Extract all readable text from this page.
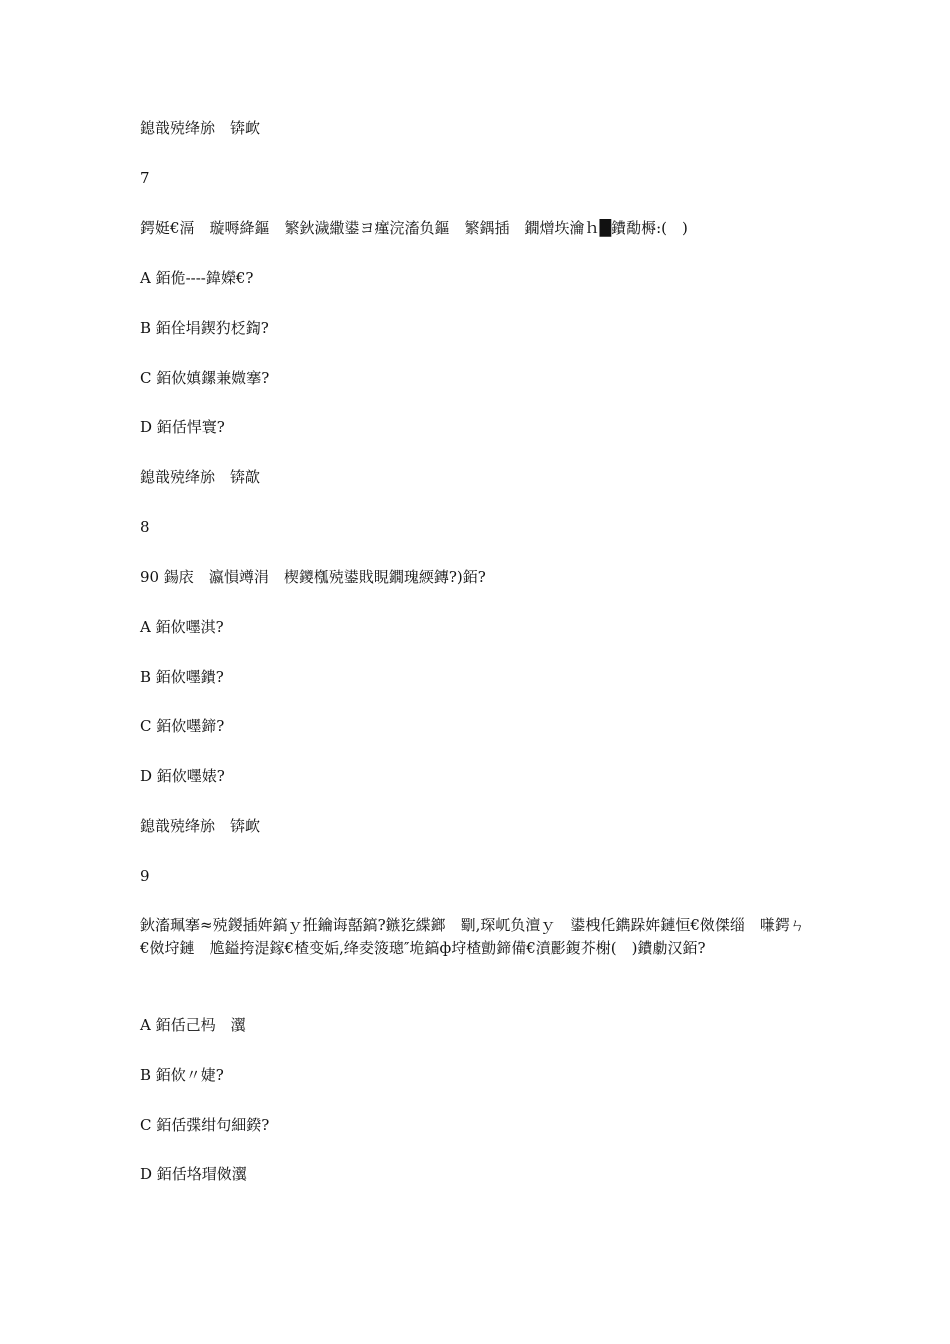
鎴戠殑绛旀　锛欰
7
鍔娗€滆　璇嗕絳鏂　繁鈥濊繖鍙ヨ瘽浣滀负鏂　繁鍝插　鐗熷垁瀹ｈ█鐨勪槈:(　)
A 銆佹----鍏嬫€?
B 銆佺埍鍥犳柉鍧?
C 銆佽嫃鏍兼媺搴?
D 銆佸悍寰?
鎴戠殑绛旀　锛歊
8
90 鍚庡　瀛愪竴涓　楔鑁槬殑鍙戝睍鐗瑰緛鏄?)銆?
A 銆佽嚜淇?
B 銆佽嚜鐀?
C 銆佽嚜鍗?
D 銆佽嚜婊?
鎴戠殑绛旀　锛欰
9
鈥滀珮搴≈殑鍐插姩鎬ｙ拰鑰诲嚭鎬?鏃犵緤鎯　劅,琛屼负澶ｙ　鍙栧仛鐫跺姩鏈恒€傚傑缁　嗛鍔ㄣ€傚垨鏈　尯鎰挎湜鎵€楂变姤,绛夌箥璁″垝鎬ф垨楂勯鍗備€濆彲鍑芥榭(　)鐨勮汉銆?
A 銆佸己杩　瀷
B 銆佽〃婕?
C 銆佸弽绀句細鍨?
D 銆佸垎瑁傚瀷
